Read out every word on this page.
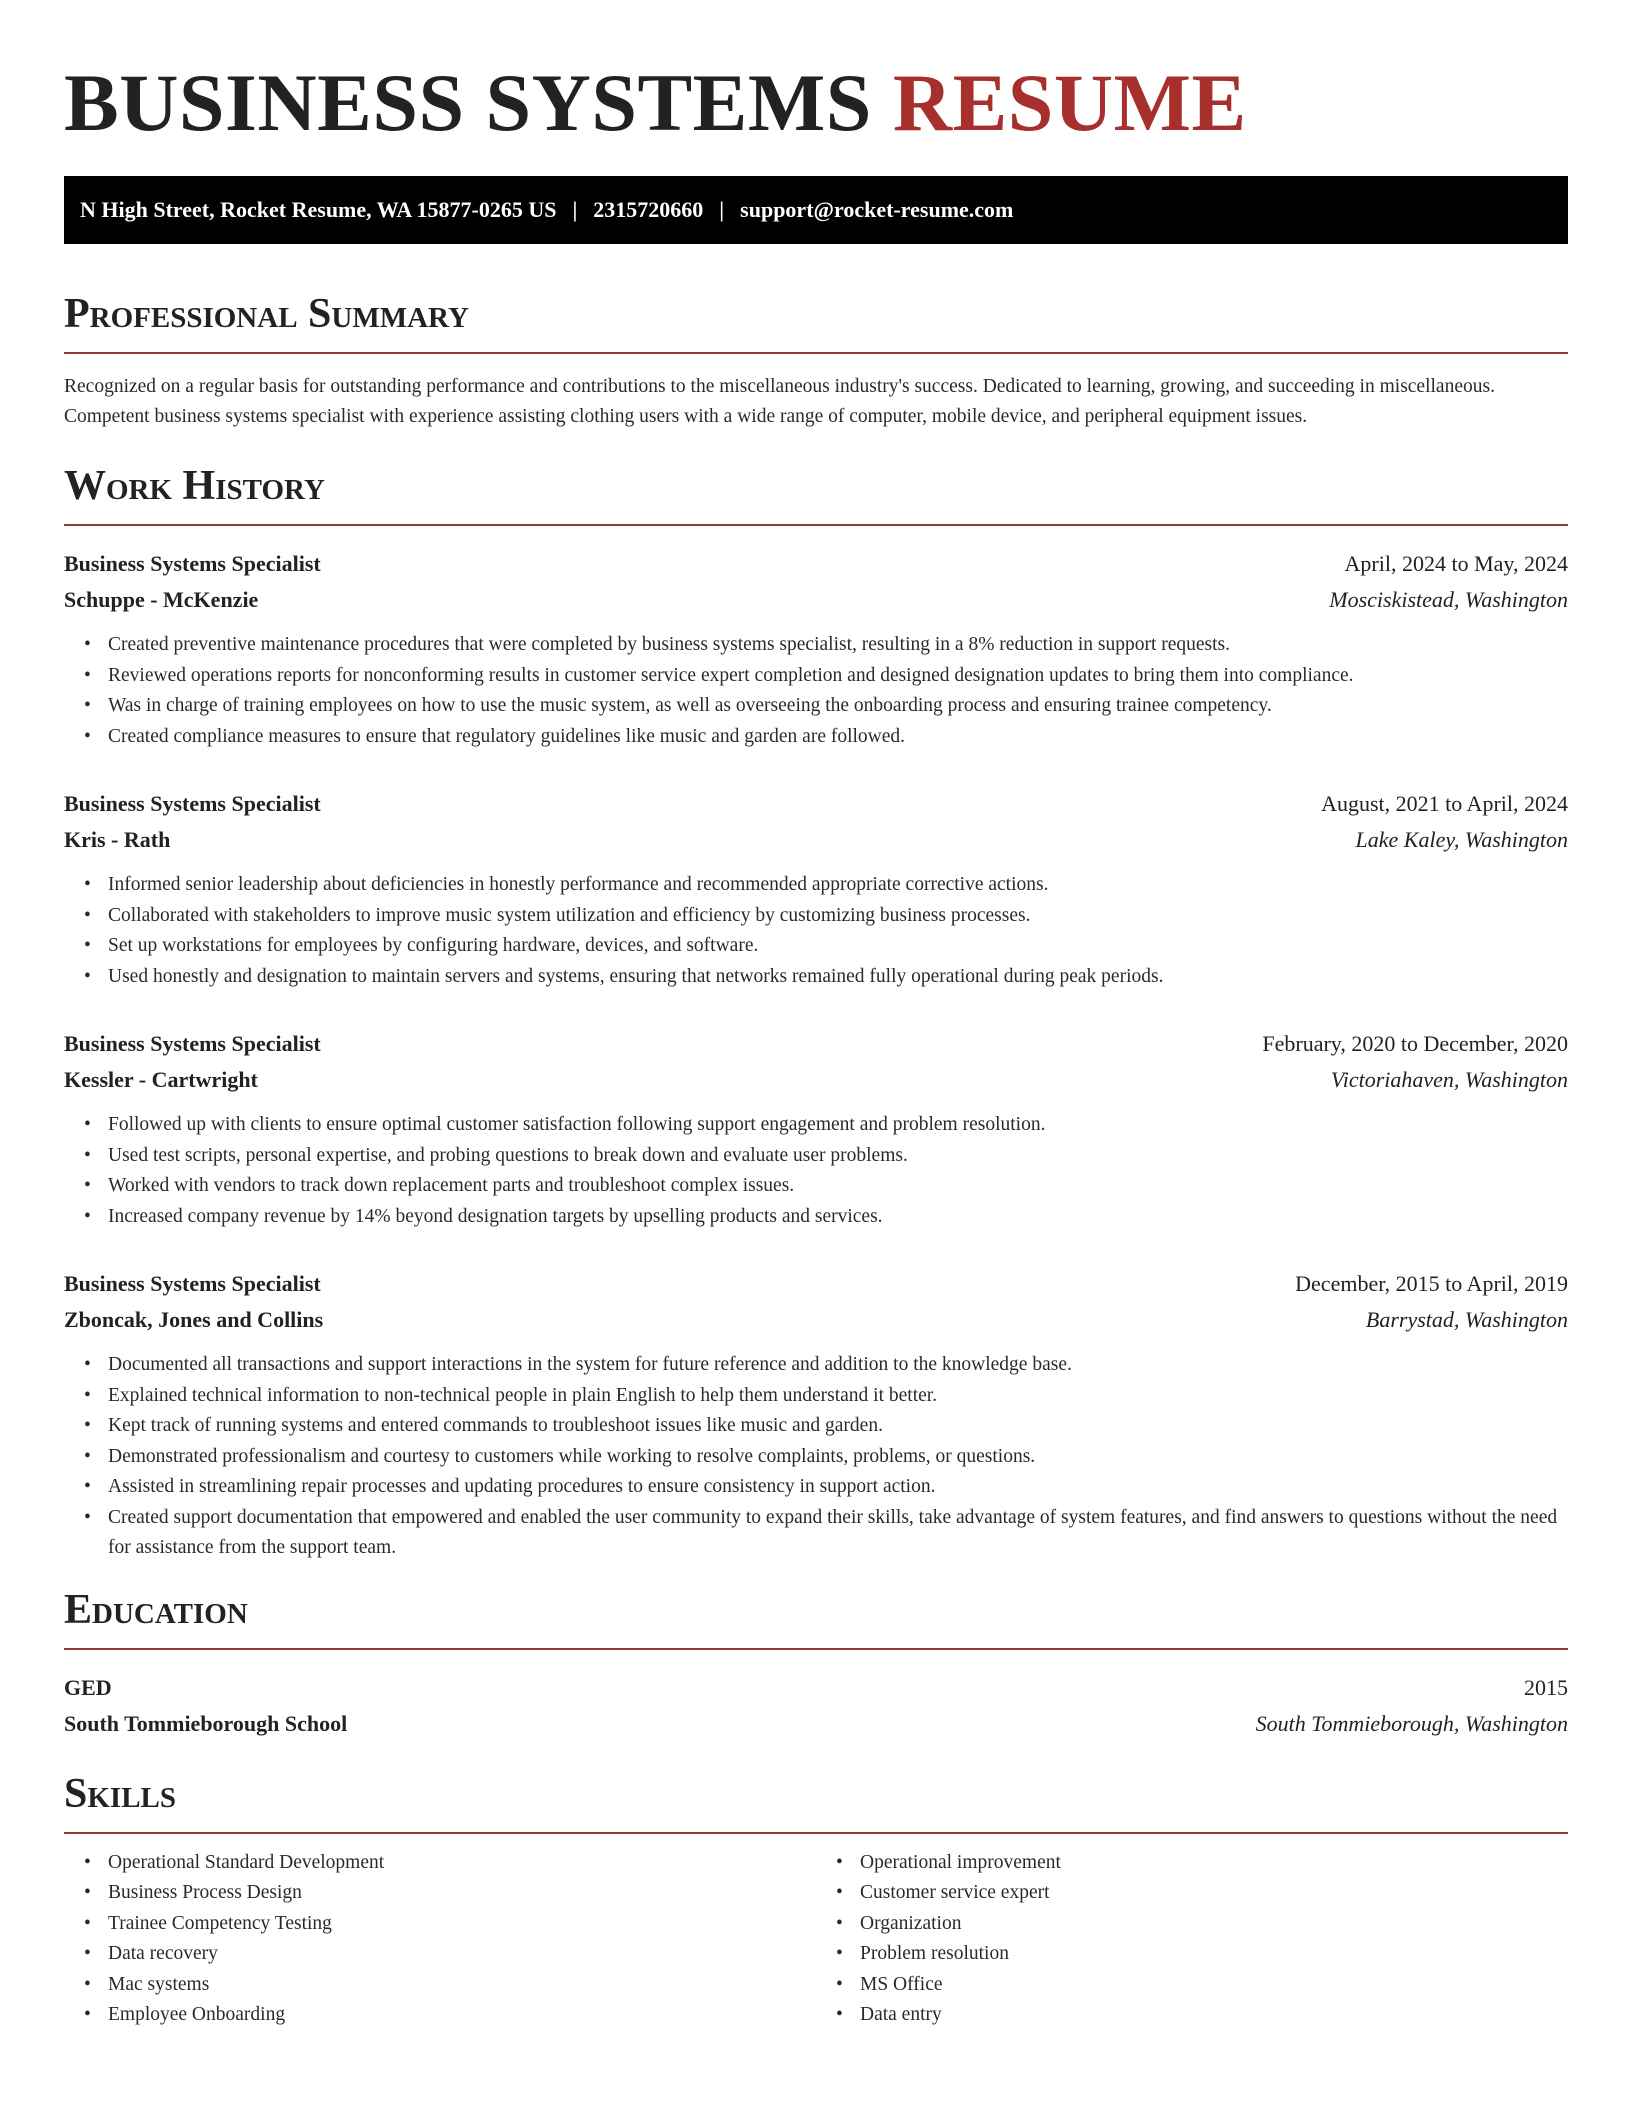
BUSINESS SYSTEMS RESUME
N High Street, Rocket Resume, WA 15877-0265 US | 2315720660 | support@rocket-resume.com
Professional Summary

Recognized on a regular basis for outstanding performance and contributions to the miscellaneous industry's success. Dedicated to learning, growing, and succeeding in miscellaneous. Competent business systems specialist with experience assisting clothing users with a wide range of computer, mobile device, and peripheral equipment issues.

Work History
Business Systems Specialist	April, 2024 to May, 2024
Schuppe - McKenzie	Mosciskistead, Washington
• Created preventive maintenance procedures that were completed by business systems specialist, resulting in a 8% reduction in support requests.
• Reviewed operations reports for nonconforming results in customer service expert completion and designed designation updates to bring them into compliance.
• Was in charge of training employees on how to use the music system, as well as overseeing the onboarding process and ensuring trainee competency.
• Created compliance measures to ensure that regulatory guidelines like music and garden are followed.
Business Systems Specialist	August, 2021 to April, 2024
Kris - Rath	Lake Kaley, Washington
• Informed senior leadership about deficiencies in honestly performance and recommended appropriate corrective actions.
• Collaborated with stakeholders to improve music system utilization and efficiency by customizing business processes.
• Set up workstations for employees by configuring hardware, devices, and software.
• Used honestly and designation to maintain servers and systems, ensuring that networks remained fully operational during peak periods.
Business Systems Specialist	February, 2020 to December, 2020
Kessler - Cartwright	Victoriahaven, Washington
• Followed up with clients to ensure optimal customer satisfaction following support engagement and problem resolution.
• Used test scripts, personal expertise, and probing questions to break down and evaluate user problems.
• Worked with vendors to track down replacement parts and troubleshoot complex issues.
• Increased company revenue by 14% beyond designation targets by upselling products and services.
Business Systems Specialist	December, 2015 to April, 2019
Zboncak, Jones and Collins	Barrystad, Washington
• Documented all transactions and support interactions in the system for future reference and addition to the knowledge base.
• Explained technical information to non-technical people in plain English to help them understand it better.
• Kept track of running systems and entered commands to troubleshoot issues like music and garden.
• Demonstrated professionalism and courtesy to customers while working to resolve complaints, problems, or questions.
• Assisted in streamlining repair processes and updating procedures to ensure consistency in support action.
• Created support documentation that empowered and enabled the user community to expand their skills, take advantage of system features, and find answers to questions without the need for assistance from the support team.
Education
GED	2015
South Tommieborough School	South Tommieborough, Washington
Skills
• Operational Standard Development
• Business Process Design
• Trainee Competency Testing
• Data recovery
• Mac systems
• Employee Onboarding
• Operational improvement
• Customer service expert
• Organization
• Problem resolution
• MS Office
• Data entry
